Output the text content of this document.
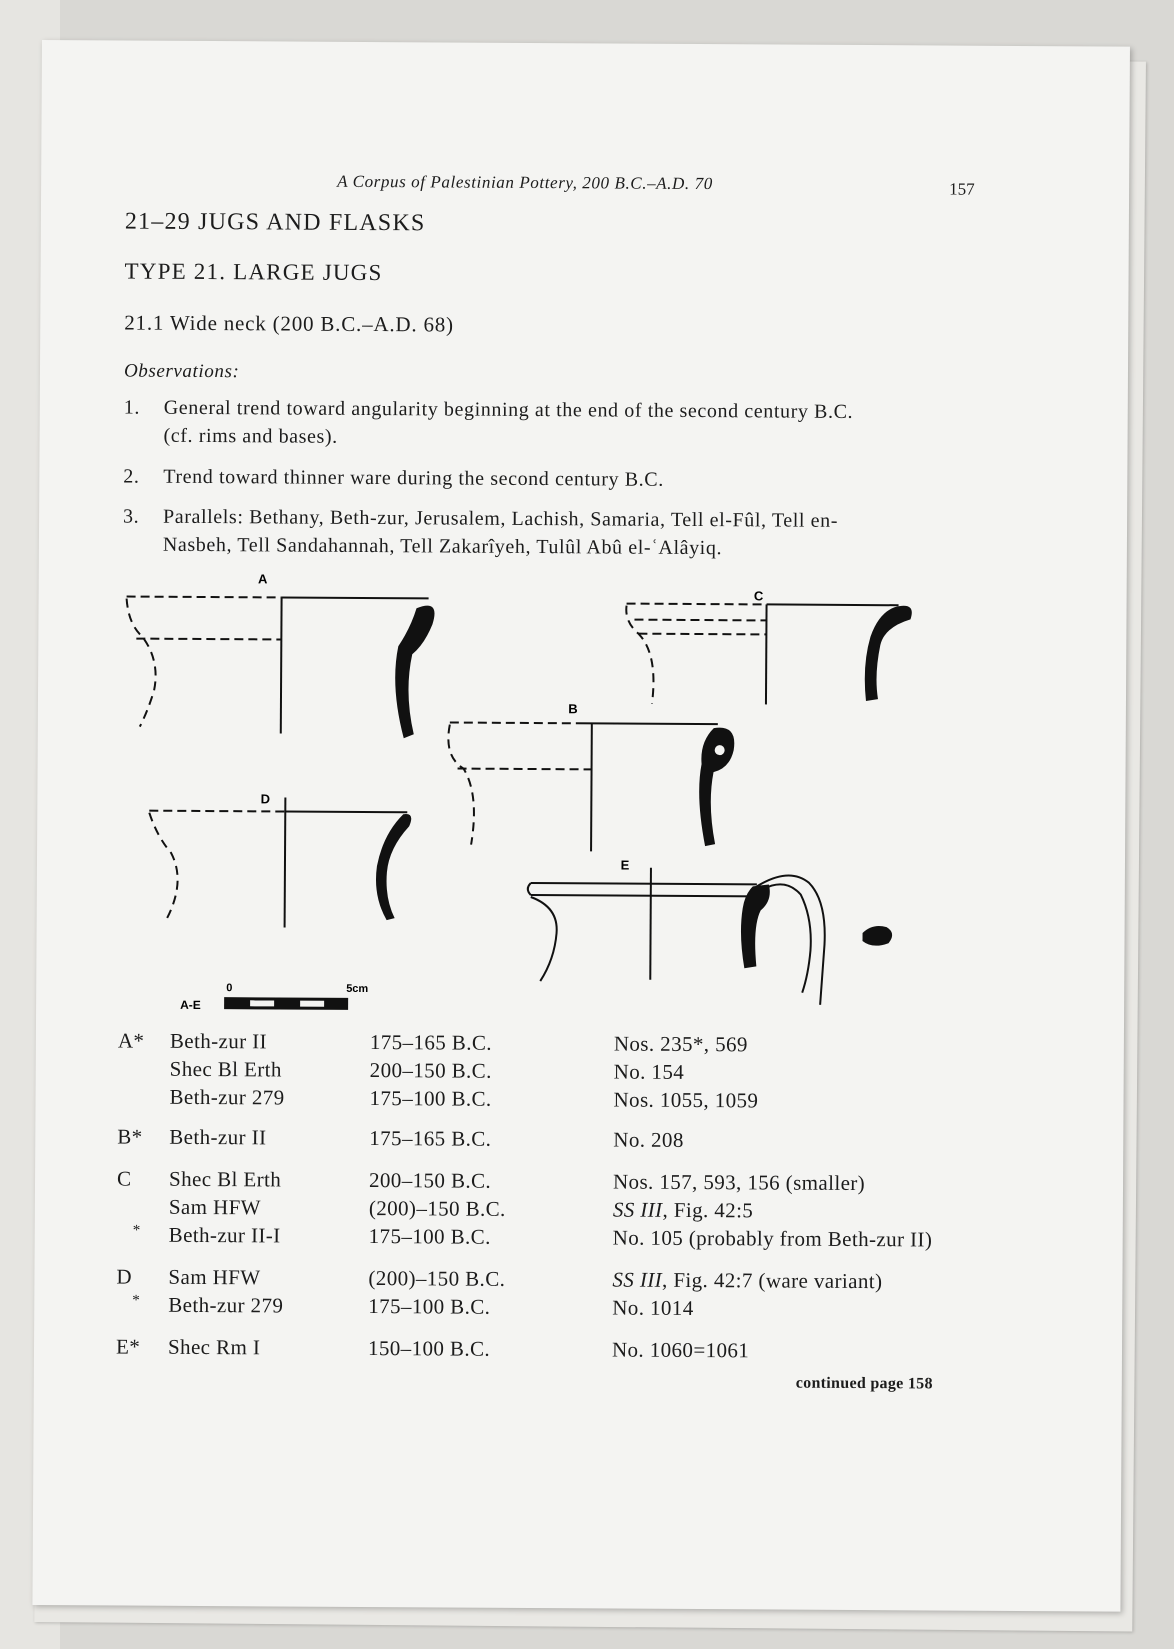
A Corpus of Palestinian Pottery, 200 B.C.–A.D. 70	157
21–29 JUGS AND FLASKS
TYPE 21. LARGE JUGS
21.1 Wide neck (200 B.C.–A.D. 68)
Observations:
1. General trend toward angularity beginning at the end of the second century B.C.
(cf. rims and bases).
2. Trend toward thinner ware during the second century B.C.
3. Parallels: Bethany, Beth-zur, Jerusalem, Lachish, Samaria, Tell el-Fûl, Tell en-
Nasbeh, Tell Sandahannah, Tell Zakarîyeh, Tulûl Abû el-ʿAlâyiq.
A
C
B
D
E
A-E
0	5cm
A* Beth-zur II	175–165 B.C.	Nos. 235*, 569
Shec Bl Erth	200–150 B.C.	No. 154
Beth-zur 279	175–100 B.C.	Nos. 1055, 1059
B* Beth-zur II	175–165 B.C.	No. 208
C Shec Bl Erth	200–150 B.C.	Nos. 157, 593, 156 (smaller)
Sam HFW	(200)–150 B.C.	SS III, Fig. 42:5
* Beth-zur II-I	175–100 B.C.	No. 105 (probably from Beth-zur II)
D Sam HFW	(200)–150 B.C.	SS III, Fig. 42:7 (ware variant)
* Beth-zur 279	175–100 B.C.	No. 1014
E* Shec Rm I	150–100 B.C.	No. 1060=1061
continued page 158
